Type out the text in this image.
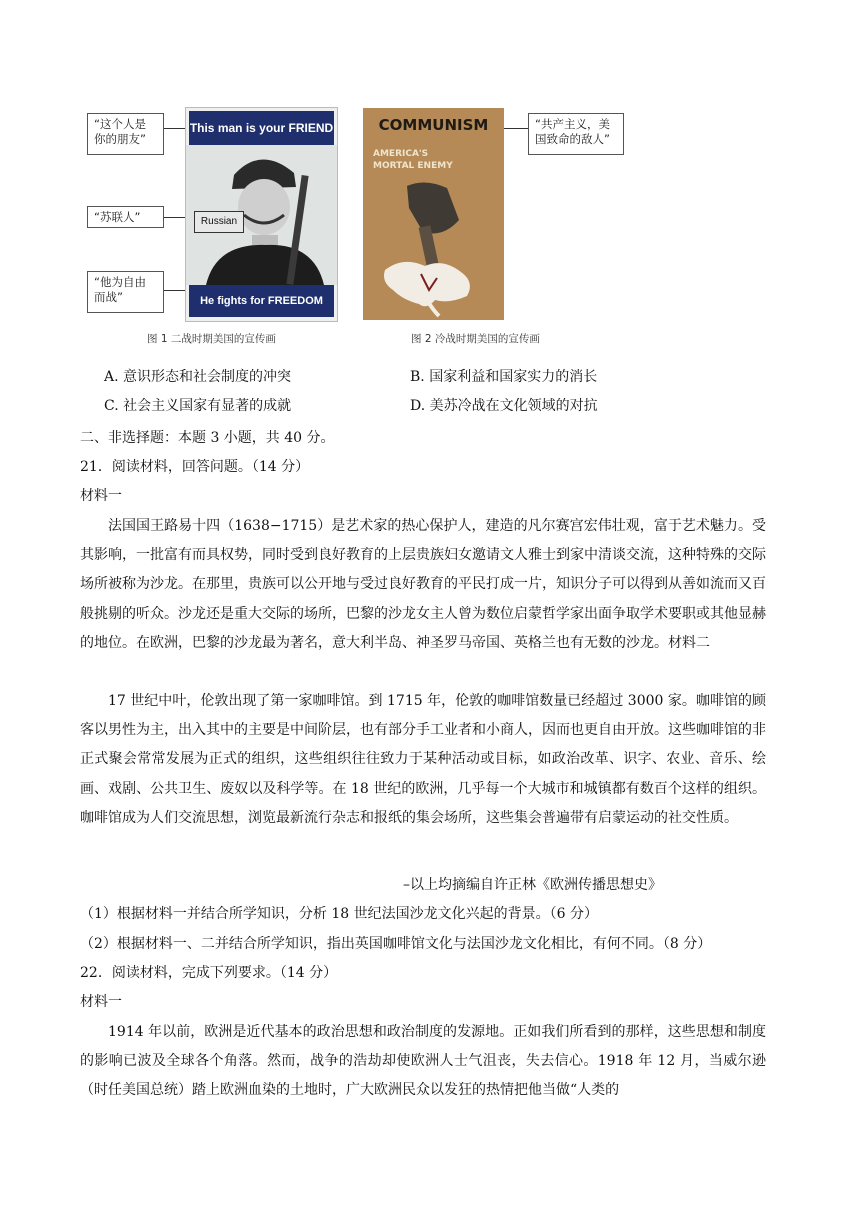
“这个人是你的朋友”
“苏联人”
“他为自由而战”
This man is your FRIEND
Russian
He fights for FREEDOM
图 1 二战时期美国的宣传画
COMMUNISM
AMERICA'S MORTAL ENEMY
“共产主义，美国致命的敌人”
图 2 冷战时期美国的宣传画
A. 意识形态和社会制度的冲突	B. 国家利益和国家实力的消长
C. 社会主义国家有显著的成就	D. 美苏冷战在文化领域的对抗
二、非选择题：本题 3 小题，共 40 分。
21．阅读材料，回答问题。（14 分）
材料一

法国国王路易十四（1638−1715）是艺术家的热心保护人，建造的凡尔赛宫宏伟壮观，富于艺术魅力。受其影响，一批富有而具权势，同时受到良好教育的上层贵族妇女邀请文人雅士到家中清谈交流，这种特殊的交际场所被称为沙龙。在那里，贵族可以公开地与受过良好教育的平民打成一片，知识分子可以得到从善如流而又百般挑剔的听众。沙龙还是重大交际的场所，巴黎的沙龙女主人曾为数位启蒙哲学家出面争取学术要职或其他显赫的地位。在欧洲，巴黎的沙龙最为著名，意大利半岛、神圣罗马帝国、英格兰也有无数的沙龙。材料二

17 世纪中叶，伦敦出现了第一家咖啡馆。到 1715 年，伦敦的咖啡馆数量已经超过 3000 家。咖啡馆的顾客以男性为主，出入其中的主要是中间阶层，也有部分手工业者和小商人，因而也更自由开放。这些咖啡馆的非正式聚会常常发展为正式的组织，这些组织往往致力于某种活动或目标，如政治改革、识字、农业、音乐、绘画、戏剧、公共卫生、废奴以及科学等。在 18 世纪的欧洲，几乎每一个大城市和城镇都有数百个这样的组织。咖啡馆成为人们交流思想，浏览最新流行杂志和报纸的集会场所，这些集会普遍带有启蒙运动的社交性质。

–以上均摘编自许正林《欧洲传播思想史》
（1）根据材料一并结合所学知识，分析 18 世纪法国沙龙文化兴起的背景。（6 分）
（2）根据材料一、二并结合所学知识，指出英国咖啡馆文化与法国沙龙文化相比，有何不同。（8 分）
22．阅读材料，完成下列要求。（14 分）
材料一

1914 年以前，欧洲是近代基本的政治思想和政治制度的发源地。正如我们所看到的那样，这些思想和制度的影响已波及全球各个角落。然而，战争的浩劫却使欧洲人士气沮丧，失去信心。1918 年 12 月，当威尔逊（时任美国总统）踏上欧洲血染的土地时，广大欧洲民众以发狂的热情把他当做“人类的
